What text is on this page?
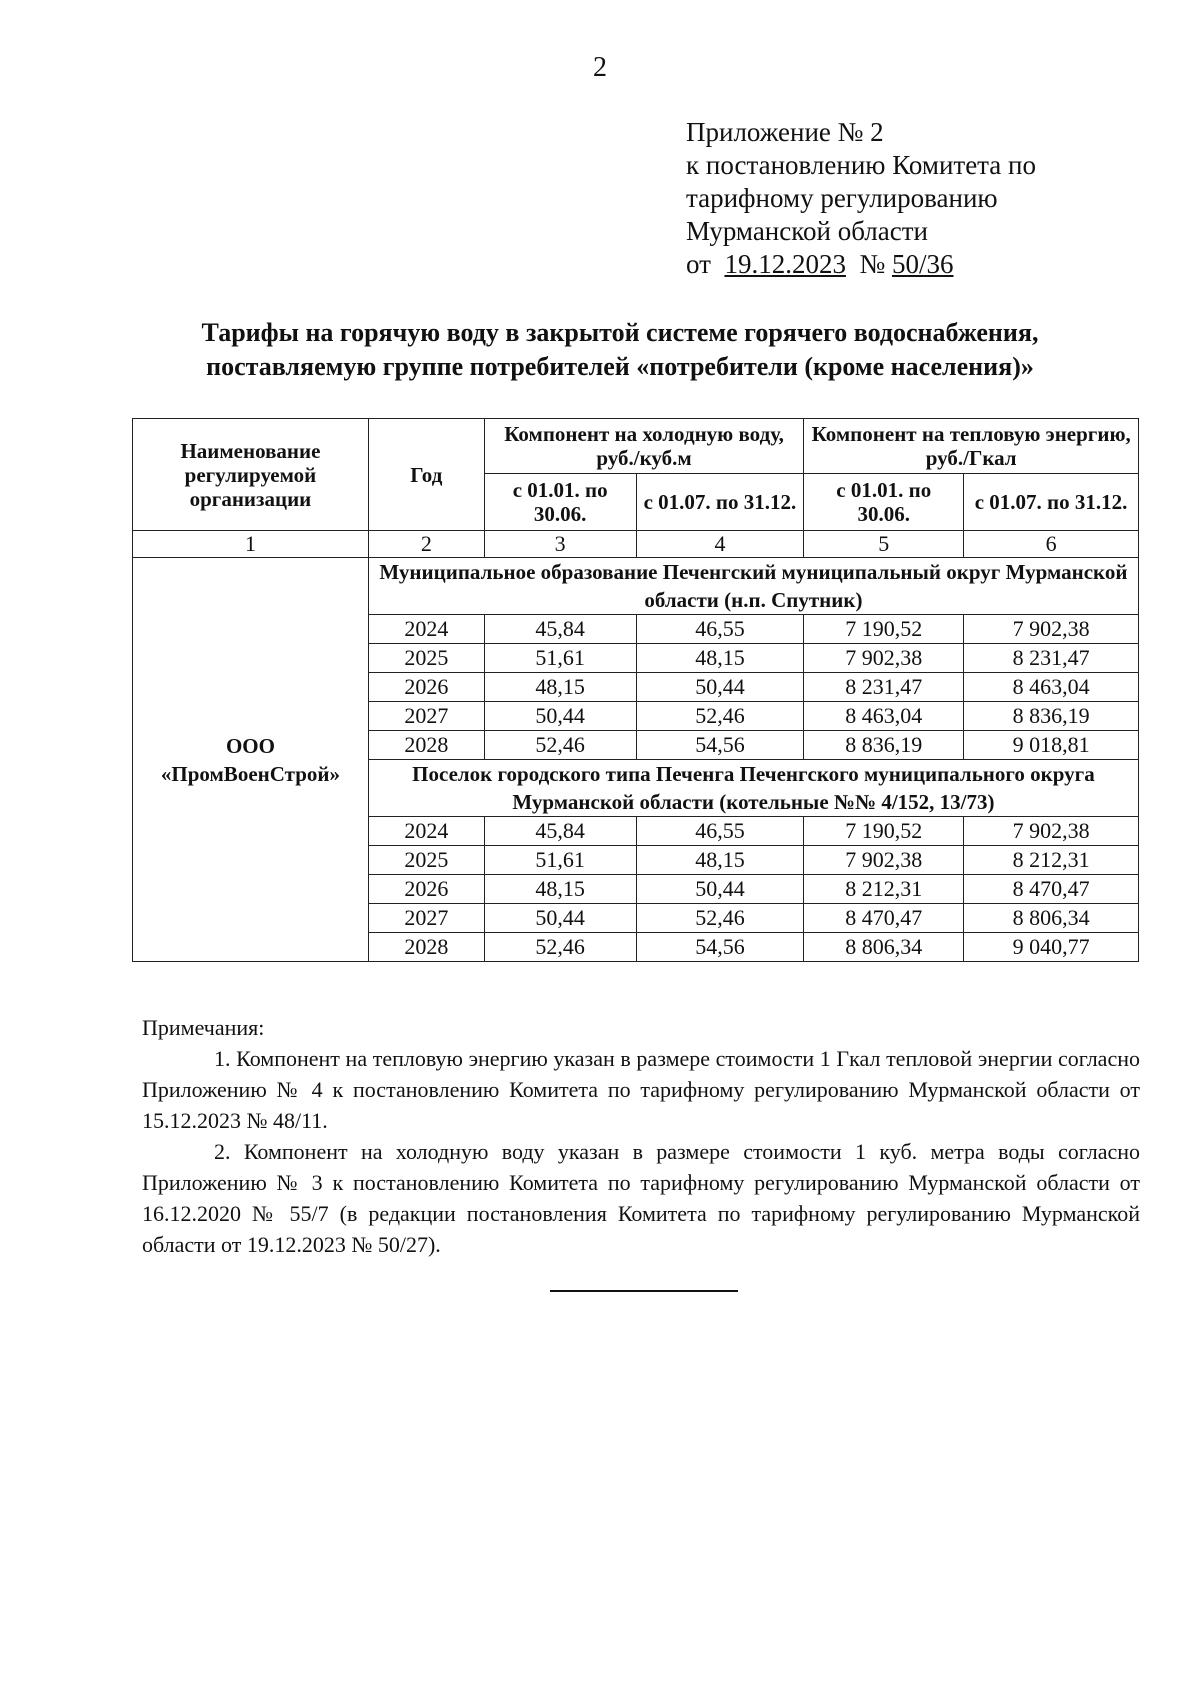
2
Приложение № 2
к постановлению Комитета по
тарифному регулированию
Мурманской области
от 19.12.2023 № 50/36
Тарифы на горячую воду в закрытой системе горячего водоснабжения,
поставляемую группе потребителей «потребители (кроме населения)»
Наименование регулируемой организации	Год	Компонент на холодную воду, руб./куб.м		Компонент на тепловую энергию, руб./Гкал	
		с 01.01. по 30.06.	с 01.07. по 31.12.	с 01.01. по 30.06.	с 01.07. по 31.12.
1	2	3	4	5	6
ООО «ПромВоенСтрой»	Муниципальное образование Печенгский муниципальный округ Мурманской области (н.п. Спутник)				
	2024	45,84	46,55	7 190,52	7 902,38
	2025	51,61	48,15	7 902,38	8 231,47
	2026	48,15	50,44	8 231,47	8 463,04
	2027	50,44	52,46	8 463,04	8 836,19
	2028	52,46	54,56	8 836,19	9 018,81
	Поселок городского типа Печенга Печенгского муниципального округа Мурманской области (котельные №№ 4/152, 13/73)				
	2024	45,84	46,55	7 190,52	7 902,38
	2025	51,61	48,15	7 902,38	8 212,31
	2026	48,15	50,44	8 212,31	8 470,47
	2027	50,44	52,46	8 470,47	8 806,34
	2028	52,46	54,56	8 806,34	9 040,77
Примечания:

1. Компонент на тепловую энергию указан в размере стоимости 1 Гкал тепловой энергии согласно Приложению № 4 к постановлению Комитета по тарифному регулированию Мурманской области от 15.12.2023 № 48/11.

2. Компонент на холодную воду указан в размере стоимости 1 куб. метра воды согласно Приложению № 3 к постановлению Комитета по тарифному регулированию Мурманской области от 16.12.2020 № 55/7 (в редакции постановления Комитета по тарифному регулированию Мурманской области от 19.12.2023 № 50/27).
